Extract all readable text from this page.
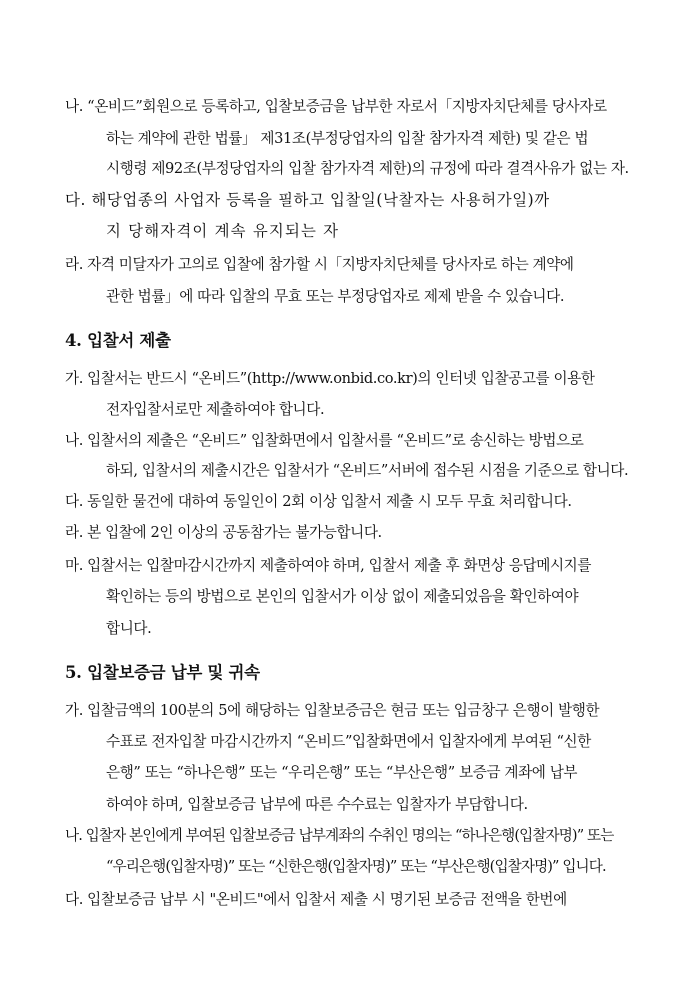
나. “온비드”회원으로 등록하고, 입찰보증금을 납부한 자로서「지방자치단체를 당사자로
하는 계약에 관한 법률」 제31조(부정당업자의 입찰 참가자격 제한) 및 같은 법
시행령 제92조(부정당업자의 입찰 참가자격 제한)의 규정에 따라 결격사유가 없는 자.
다. 해당업종의 사업자 등록을 필하고 입찰일(낙찰자는 사용허가일)까
지 당해자격이 계속 유지되는 자
라. 자격 미달자가 고의로 입찰에 참가할 시「지방자치단체를 당사자로 하는 계약에
관한 법률」에 따라 입찰의 무효 또는 부정당업자로 제제 받을 수 있습니다.
4. 입찰서 제출
가. 입찰서는 반드시 “온비드”(http://www.onbid.co.kr)의 인터넷 입찰공고를 이용한
전자입찰서로만 제출하여야 합니다.
나. 입찰서의 제출은 “온비드” 입찰화면에서 입찰서를 “온비드”로 송신하는 방법으로
하되, 입찰서의 제출시간은 입찰서가 “온비드”서버에 접수된 시점을 기준으로 합니다.
다. 동일한 물건에 대하여 동일인이 2회 이상 입찰서 제출 시 모두 무효 처리합니다.
라. 본 입찰에 2인 이상의 공동참가는 불가능합니다.
마. 입찰서는 입찰마감시간까지 제출하여야 하며, 입찰서 제출 후 화면상 응답메시지를
확인하는 등의 방법으로 본인의 입찰서가 이상 없이 제출되었음을 확인하여야
합니다.
5. 입찰보증금 납부 및 귀속
가. 입찰금액의 100분의 5에 해당하는 입찰보증금은 현금 또는 입금창구 은행이 발행한
수표로 전자입찰 마감시간까지 “온비드”입찰화면에서 입찰자에게 부여된 “신한
은행” 또는 “하나은행” 또는 “우리은행” 또는 “부산은행” 보증금 계좌에 납부
하여야 하며, 입찰보증금 납부에 따른 수수료는 입찰자가 부담합니다.
나. 입찰자 본인에게 부여된 입찰보증금 납부계좌의 수취인 명의는 “하나은행(입찰자명)” 또는
“우리은행(입찰자명)” 또는 “신한은행(입찰자명)” 또는 “부산은행(입찰자명)” 입니다.
다. 입찰보증금 납부 시 "온비드"에서 입찰서 제출 시 명기된 보증금 전액을 한번에
